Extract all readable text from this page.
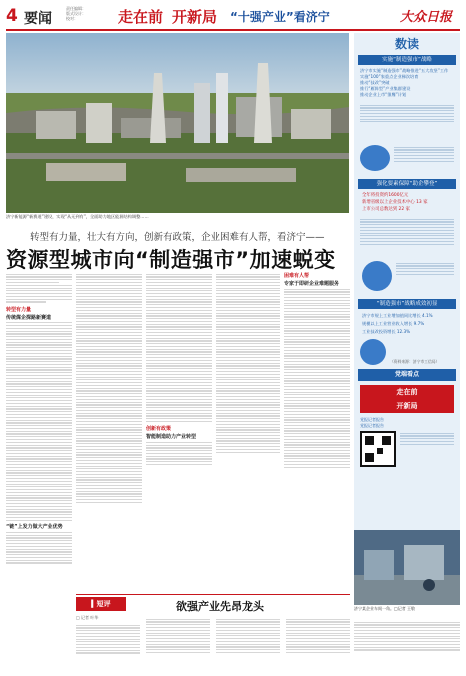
4 要闻
责任编辑：
版式设计：
校对：	走在前 开新局 “十强产业”看济宁	大众日报
济宁新能源“新赛道”建设，实现“从无到有”，全面助力地区能源结构调整……
转型有力量，壮大有方向，创新有政策，企业困难有人帮，看济宁——
资源型城市向“制造强市”加速蜕变
转型有力量
传统煤企探路新赛道
“链”上发力做大产业优势
创新有政策
智能制造助力产业转型
困难有人帮
专家于即研企业难题服务
▍短评	欲强产业先昂龙头
□ 记者 叶华
数读
实施“制造强市”战略
济宁市实施“制造强市”战略推进“五大攻坚”工作
实施“100”家重点企业梯次培育
推动“技改”突破
推行“雁阵型”产业集群建设
推动企业上市“雏鹰”计划
强化要素保障“助企攀登”
全年将投资约1600亿元
新增省级以上企业技术中心 13 家
上市公司总数达到 22 家
“制造强市”战略成效初显
济宁市规上工业增加值同比增长 4.1%
规模以上工业营业收入增长 9.7%
工业技改投资增长 12.3%
（资料来源：济宁市工信局）
党端看点
走在前
开新局
党报记者报告
党报记者报告
济宁某企业车间一角。□记者 王敬
